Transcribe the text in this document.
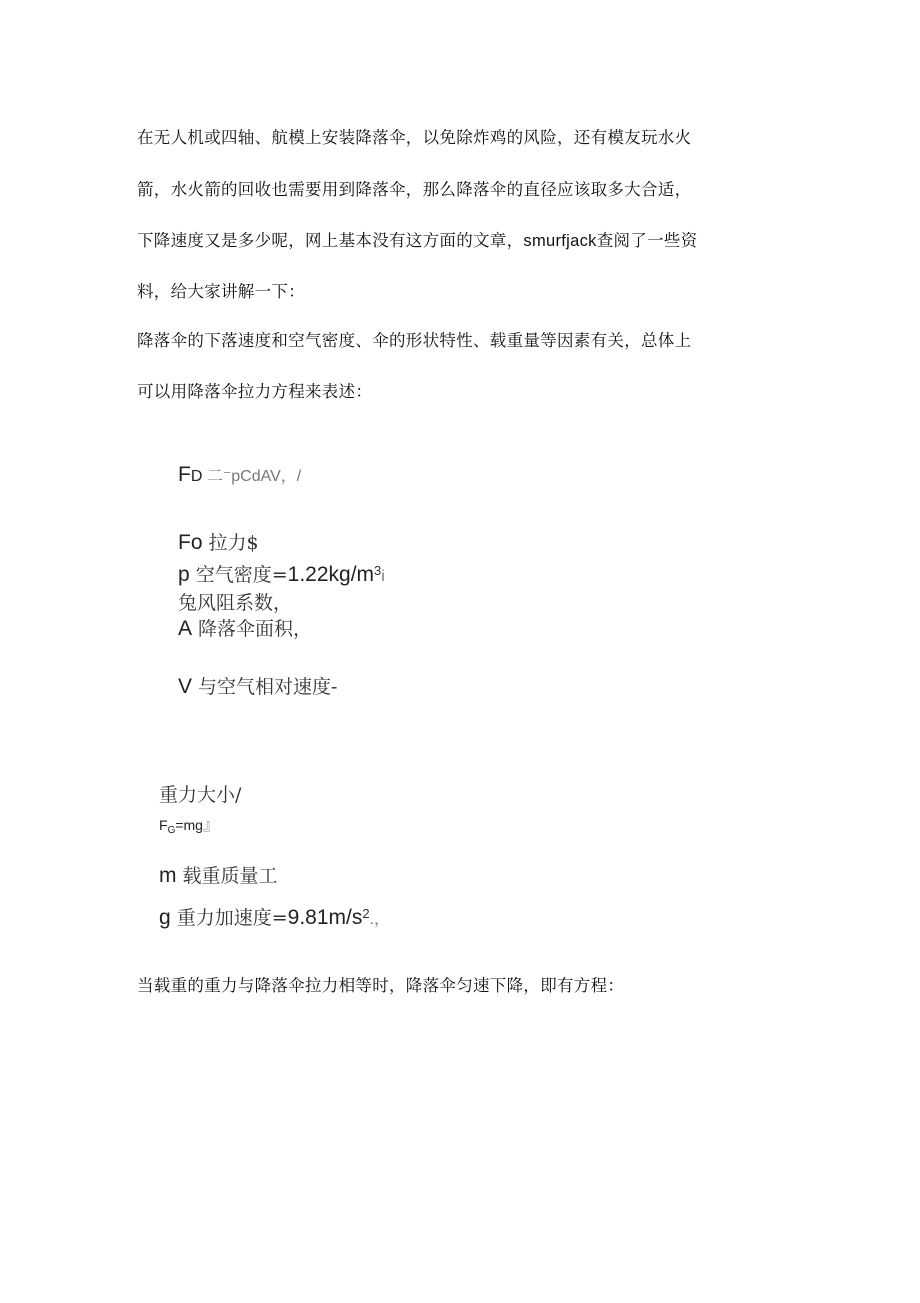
在无人机或四轴、航模上安装降落伞，以免除炸鸡的风险，还有模友玩水火
箭，水火箭的回收也需要用到降落伞，那么降落伞的直径应该取多大合适，
下降速度又是多少呢，网上基本没有这方面的文章，smurfjack查阅了一些资
料，给大家讲解一下：
降落伞的下落速度和空气密度、伞的形状特性、载重量等因素有关，总体上
可以用降落伞拉力方程来表述：
FD 二⁻pCdAV，/
Fo 拉力$
p 空气密度$=1.22kg/m^3i$
兔风阻系数，
A 降落伞面积，
V 与空气相对速度-
重力大小/
FG=mg』
m 载重质量工
g 重力加速度$=9.81m/s^2$.，
当载重的重力与降落伞拉力相等时，降落伞匀速下降，即有方程：
